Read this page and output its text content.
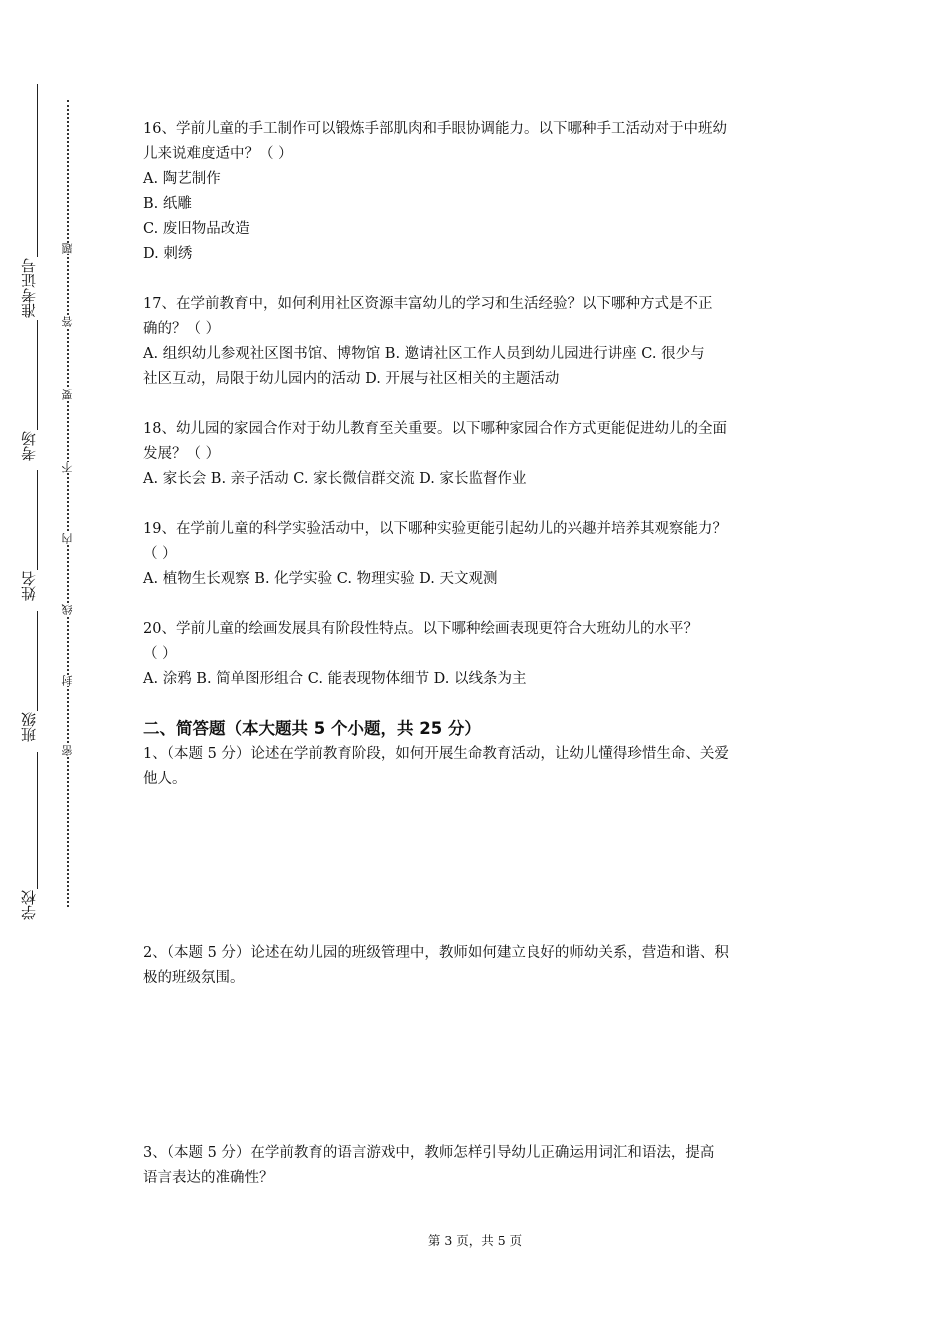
准考证号
考场
姓名
班级
学校
题
答
要
不
内
线
封
密

16、学前儿童的手工制作可以锻炼手部肌肉和手眼协调能力。以下哪种手工活动对于中班幼

儿来说难度适中？（ ）

A. 陶艺制作

B. 纸雕

C. 废旧物品改造

D. 刺绣

17、在学前教育中，如何利用社区资源丰富幼儿的学习和生活经验？以下哪种方式是不正

确的？（ ）

A. 组织幼儿参观社区图书馆、博物馆 B. 邀请社区工作人员到幼儿园进行讲座 C. 很少与

社区互动，局限于幼儿园内的活动 D. 开展与社区相关的主题活动

18、幼儿园的家园合作对于幼儿教育至关重要。以下哪种家园合作方式更能促进幼儿的全面

发展？（ ）

A. 家长会 B. 亲子活动 C. 家长微信群交流 D. 家长监督作业

19、在学前儿童的科学实验活动中，以下哪种实验更能引起幼儿的兴趣并培养其观察能力？

（ ）

A. 植物生长观察 B. 化学实验 C. 物理实验 D. 天文观测

20、学前儿童的绘画发展具有阶段性特点。以下哪种绘画表现更符合大班幼儿的水平？

（ ）

A. 涂鸦 B. 简单图形组合 C. 能表现物体细节 D. 以线条为主

二、简答题（本大题共 5 个小题，共 25 分）

1、（本题 5 分）论述在学前教育阶段，如何开展生命教育活动，让幼儿懂得珍惜生命、关爱

他人。

2、（本题 5 分）论述在幼儿园的班级管理中，教师如何建立良好的师幼关系，营造和谐、积

极的班级氛围。

3、（本题 5 分）在学前教育的语言游戏中，教师怎样引导幼儿正确运用词汇和语法，提高

语言表达的准确性？

第 3 页，共 5 页
